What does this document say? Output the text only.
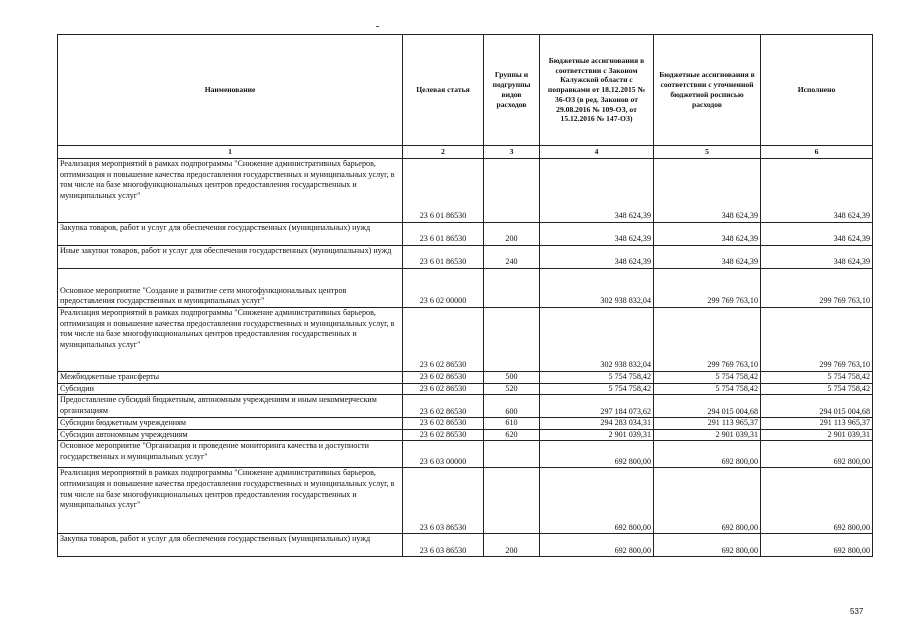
Наименование	Целевая статья	Группы и подгруппы видов расходов	Бюджетные ассигнования в соответствии с Законом Калужской области с поправками от 18.12.2015 № 36-ОЗ (в ред. Законов от 29.08.2016 № 109-ОЗ, от 15.12.2016 № 147-ОЗ)	Бюджетные ассигнования в соответствии с уточненной бюджетной росписью расходов	Исполнено
1	2	3	4	5	6
Реализация мероприятий в рамках подпрограммы "Снижение административных барьеров, оптимизация и повышение качества предоставления государственных и муниципальных услуг, в том числе на базе многофункциональных центров предоставления государственных и муниципальных услуг"	23 6 01 86530		348 624,39	348 624,39	348 624,39
Закупка товаров, работ и услуг для обеспечения государственных (муниципальных) нужд	23 6 01 86530	200	348 624,39	348 624,39	348 624,39
Иные закупки товаров, работ и услуг для обеспечения государственных (муниципальных) нужд	23 6 01 86530	240	348 624,39	348 624,39	348 624,39
Основное мероприятие "Создание и развитие сети многофункциональных центров предоставления государственных и муниципальных услуг"	23 6 02 00000		302 938 832,04	299 769 763,10	299 769 763,10
Реализация мероприятий в рамках подпрограммы "Снижение административных барьеров, оптимизация и повышение качества предоставления государственных и муниципальных услуг, в том числе на базе многофункциональных центров предоставления государственных и муниципальных услуг"	23 6 02 86530		302 938 832,04	299 769 763,10	299 769 763,10
Межбюджетные трансферты	23 6 02 86530	500	5 754 758,42	5 754 758,42	5 754 758,42
Субсидии	23 6 02 86530	520	5 754 758,42	5 754 758,42	5 754 758,42
Предоставление субсидий бюджетным, автономным учреждениям и иным некоммерческим организациям	23 6 02 86530	600	297 184 073,62	294 015 004,68	294 015 004,68
Субсидии бюджетным учреждениям	23 6 02 86530	610	294 283 034,31	291 113 965,37	291 113 965,37
Субсидии автономным учреждениям	23 6 02 86530	620	2 901 039,31	2 901 039,31	2 901 039,31
Основное мероприятие "Организация и проведение мониторинга качества и доступности государственных и муниципальных услуг"	23 6 03 00000		692 800,00	692 800,00	692 800,00
Реализация мероприятий в рамках подпрограммы "Снижение административных барьеров, оптимизация и повышение качества предоставления государственных и муниципальных услуг, в том числе на базе многофункциональных центров предоставления государственных и муниципальных услуг"	23 6 03 86530		692 800,00	692 800,00	692 800,00
Закупка товаров, работ и услуг для обеспечения государственных (муниципальных) нужд	23 6 03 86530	200	692 800,00	692 800,00	692 800,00
537
